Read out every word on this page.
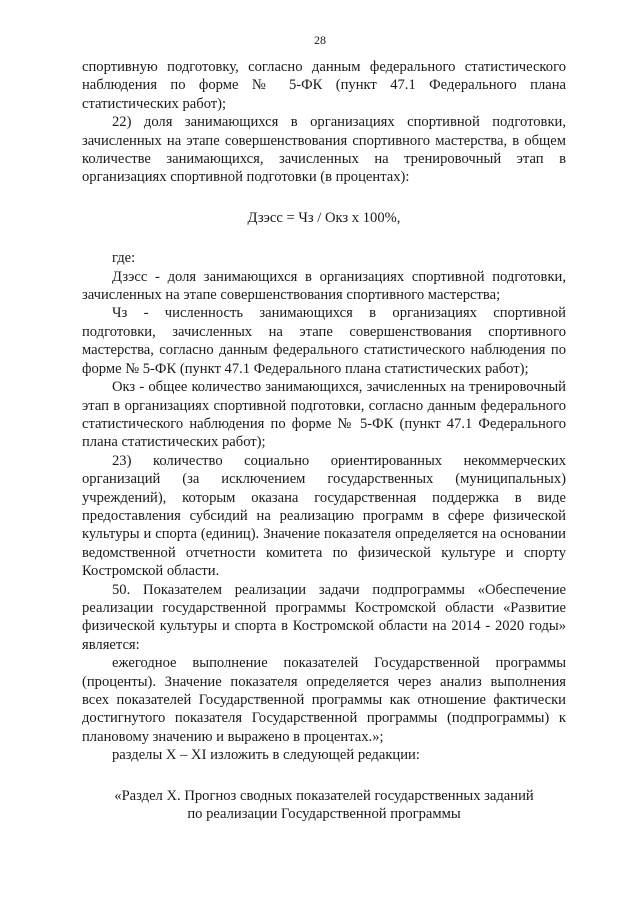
28

спортивную подготовку, согласно данным федерального статистического наблюдения по форме № 5-ФК (пункт 47.1 Федерального плана статистических работ);

22) доля занимающихся в организациях спортивной подготовки, зачисленных на этапе совершенствования спортивного мастерства, в общем количестве занимающихся, зачисленных на тренировочный этап в организациях спортивной подготовки (в процентах):

Дзэсс = Чз / Окз х 100%,

где:

Дзэсс - доля занимающихся в организациях спортивной подготовки, зачисленных на этапе совершенствования спортивного мастерства;

Чз - численность занимающихся в организациях спортивной подготовки, зачисленных на этапе совершенствования спортивного мастерства, согласно данным федерального статистического наблюдения по форме № 5-ФК (пункт 47.1 Федерального плана статистических работ);

Окз - общее количество занимающихся, зачисленных на тренировочный этап в организациях спортивной подготовки, согласно данным федерального статистического наблюдения по форме № 5-ФК (пункт 47.1 Федерального плана статистических работ);

23) количество социально ориентированных некоммерческих организаций (за исключением государственных (муниципальных) учреждений), которым оказана государственная поддержка в виде предоставления субсидий на реализацию программ в сфере физической культуры и спорта (единиц). Значение показателя определяется на основании ведомственной отчетности комитета по физической культуре и спорту Костромской области.

50. Показателем реализации задачи подпрограммы «Обеспечение реализации государственной программы Костромской области «Развитие физической культуры и спорта в Костромской области на 2014 - 2020 годы» является:

ежегодное выполнение показателей Государственной программы (проценты). Значение показателя определяется через анализ выполнения всех показателей Государственной программы как отношение фактически достигнутого показателя Государственной программы (подпрограммы) к плановому значению и выражено в процентах.»;

разделы X – XI изложить в следующей редакции:

«Раздел X. Прогноз сводных показателей государственных заданий
по реализации Государственной программы
